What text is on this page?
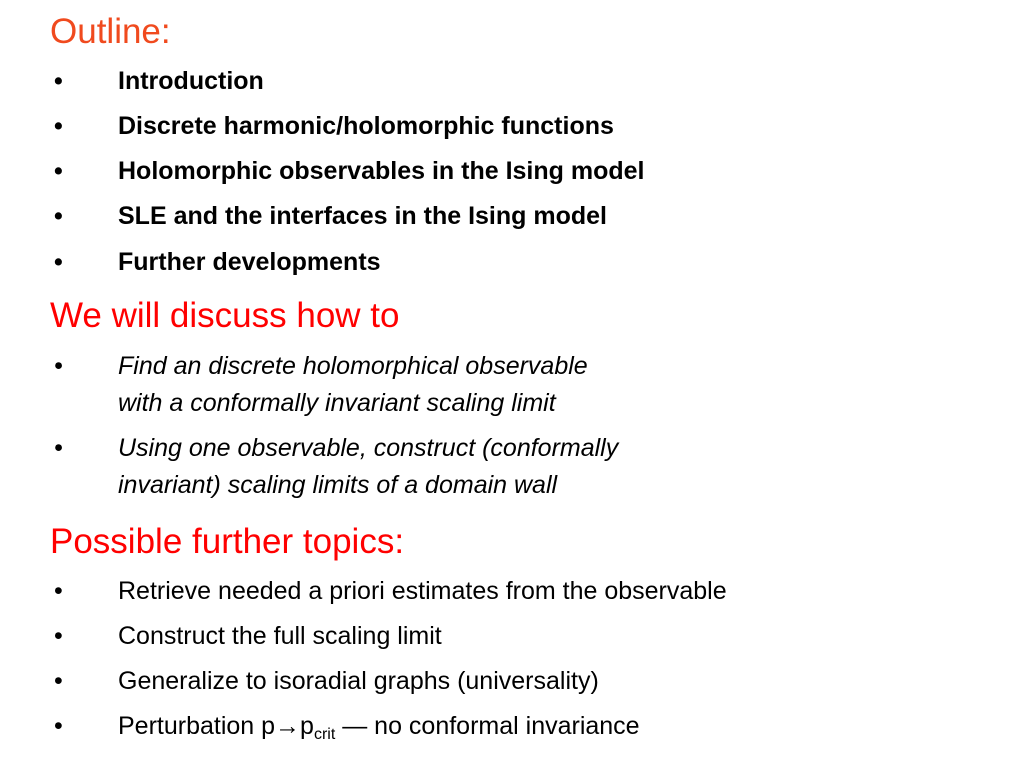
Outline:
• Introduction
• Discrete harmonic/holomorphic functions
• Holomorphic observables in the Ising model
• SLE and the interfaces in the Ising model
• Further developments
We will discuss how to
• Find an discrete holomorphical observable
with a conformally invariant scaling limit
• Using one observable, construct (conformally
invariant) scaling limits of a domain wall
Possible further topics:
• Retrieve needed a priori estimates from the observable
• Construct the full scaling limit
• Generalize to isoradial graphs (universality)
• Perturbation $p\to p_{crit}$ — no conformal invariance
